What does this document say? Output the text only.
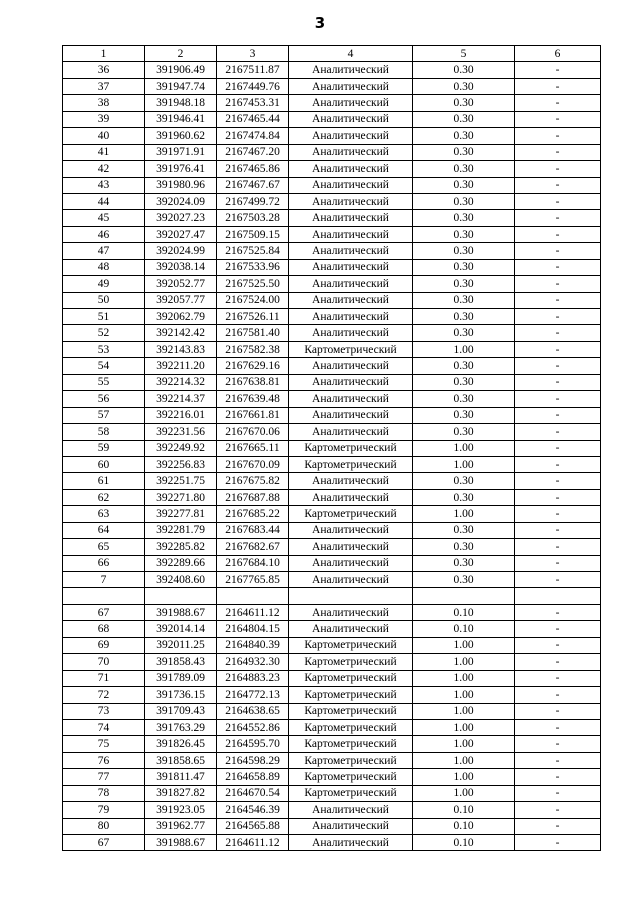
3
1	2	3	4	5	6
36	391906.49	2167511.87	Аналитический	0.30	-
37	391947.74	2167449.76	Аналитический	0.30	-
38	391948.18	2167453.31	Аналитический	0.30	-
39	391946.41	2167465.44	Аналитический	0.30	-
40	391960.62	2167474.84	Аналитический	0.30	-
41	391971.91	2167467.20	Аналитический	0.30	-
42	391976.41	2167465.86	Аналитический	0.30	-
43	391980.96	2167467.67	Аналитический	0.30	-
44	392024.09	2167499.72	Аналитический	0.30	-
45	392027.23	2167503.28	Аналитический	0.30	-
46	392027.47	2167509.15	Аналитический	0.30	-
47	392024.99	2167525.84	Аналитический	0.30	-
48	392038.14	2167533.96	Аналитический	0.30	-
49	392052.77	2167525.50	Аналитический	0.30	-
50	392057.77	2167524.00	Аналитический	0.30	-
51	392062.79	2167526.11	Аналитический	0.30	-
52	392142.42	2167581.40	Аналитический	0.30	-
53	392143.83	2167582.38	Картометрический	1.00	-
54	392211.20	2167629.16	Аналитический	0.30	-
55	392214.32	2167638.81	Аналитический	0.30	-
56	392214.37	2167639.48	Аналитический	0.30	-
57	392216.01	2167661.81	Аналитический	0.30	-
58	392231.56	2167670.06	Аналитический	0.30	-
59	392249.92	2167665.11	Картометрический	1.00	-
60	392256.83	2167670.09	Картометрический	1.00	-
61	392251.75	2167675.82	Аналитический	0.30	-
62	392271.80	2167687.88	Аналитический	0.30	-
63	392277.81	2167685.22	Картометрический	1.00	-
64	392281.79	2167683.44	Аналитический	0.30	-
65	392285.82	2167682.67	Аналитический	0.30	-
66	392289.66	2167684.10	Аналитический	0.30	-
7	392408.60	2167765.85	Аналитический	0.30	-

67	391988.67	2164611.12	Аналитический	0.10	-
68	392014.14	2164804.15	Аналитический	0.10	-
69	392011.25	2164840.39	Картометрический	1.00	-
70	391858.43	2164932.30	Картометрический	1.00	-
71	391789.09	2164883.23	Картометрический	1.00	-
72	391736.15	2164772.13	Картометрический	1.00	-
73	391709.43	2164638.65	Картометрический	1.00	-
74	391763.29	2164552.86	Картометрический	1.00	-
75	391826.45	2164595.70	Картометрический	1.00	-
76	391858.65	2164598.29	Картометрический	1.00	-
77	391811.47	2164658.89	Картометрический	1.00	-
78	391827.82	2164670.54	Картометрический	1.00	-
79	391923.05	2164546.39	Аналитический	0.10	-
80	391962.77	2164565.88	Аналитический	0.10	-
67	391988.67	2164611.12	Аналитический	0.10	-
